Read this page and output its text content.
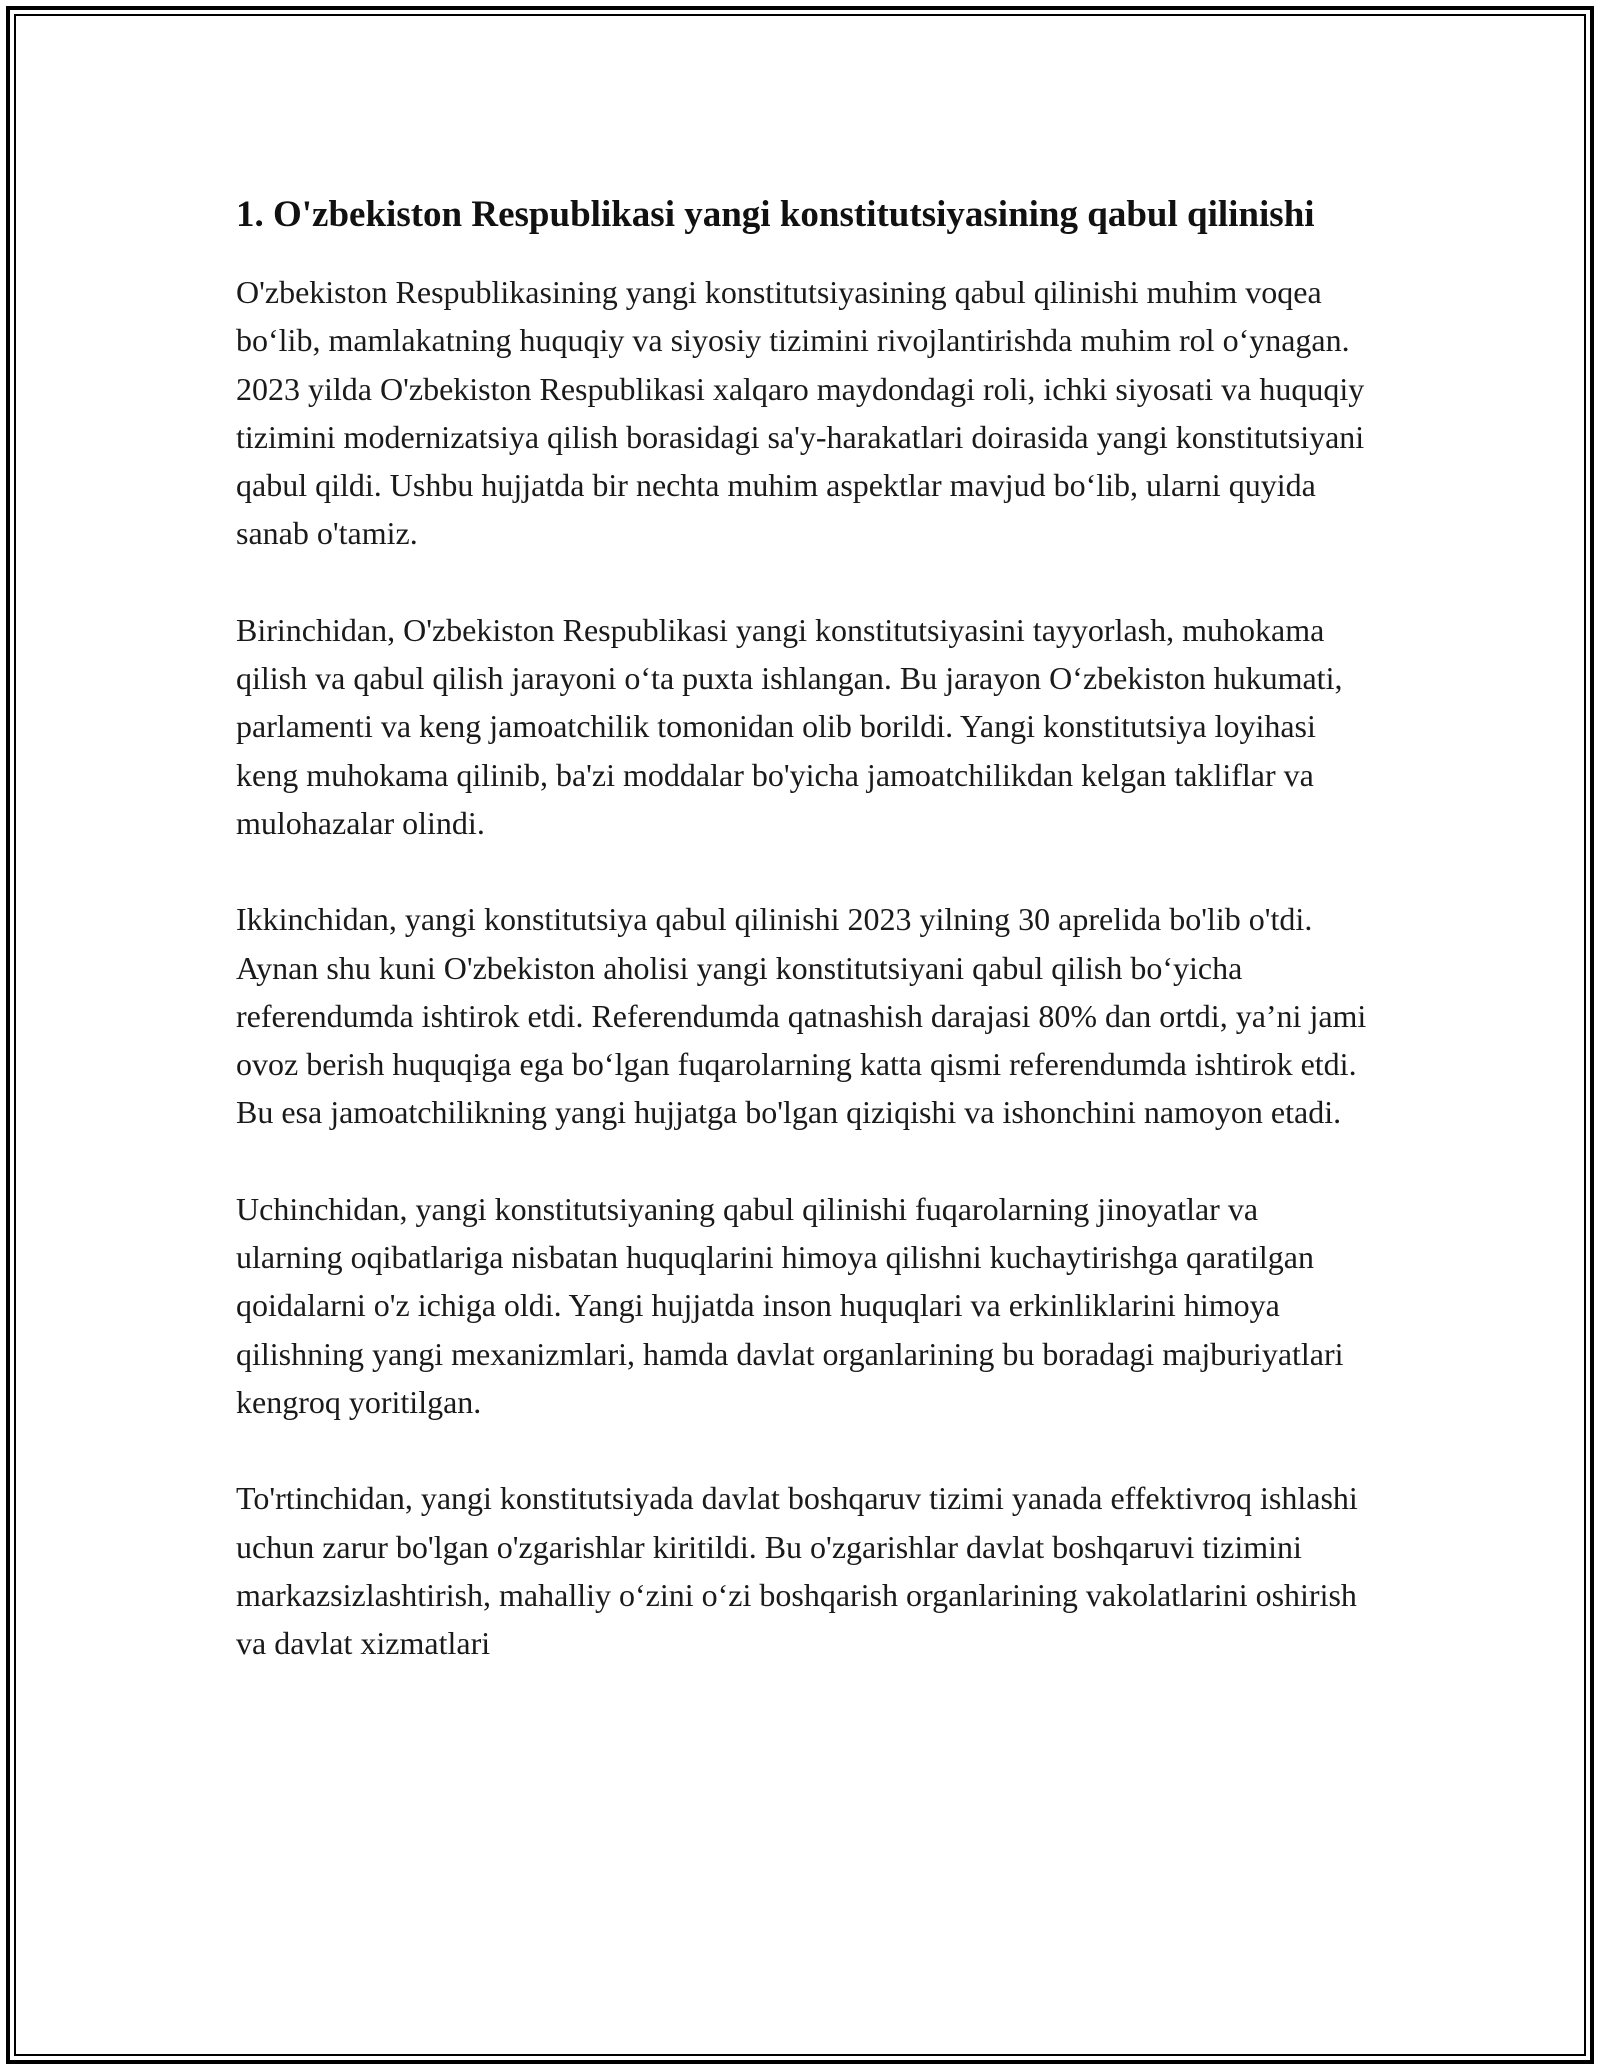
1. O'zbekiston Respublikasi yangi konstitutsiyasining qabul qilinishi

O'zbekiston Respublikasining yangi konstitutsiyasining qabul qilinishi muhim voqea boʻlib, mamlakatning huquqiy va siyosiy tizimini rivojlantirishda muhim rol oʻynagan. 2023 yilda O'zbekiston Respublikasi xalqaro maydondagi roli, ichki siyosati va huquqiy tizimini modernizatsiya qilish borasidagi sa'y-harakatlari doirasida yangi konstitutsiyani qabul qildi. Ushbu hujjatda bir nechta muhim aspektlar mavjud boʻlib, ularni quyida sanab o'tamiz.

Birinchidan, O'zbekiston Respublikasi yangi konstitutsiyasini tayyorlash, muhokama qilish va qabul qilish jarayoni oʻta puxta ishlangan. Bu jarayon Oʻzbekiston hukumati, parlamenti va keng jamoatchilik tomonidan olib borildi. Yangi konstitutsiya loyihasi keng muhokama qilinib, ba'zi moddalar bo'yicha jamoatchilikdan kelgan takliflar va mulohazalar olindi.

Ikkinchidan, yangi konstitutsiya qabul qilinishi 2023 yilning 30 aprelida bo'lib o'tdi. Aynan shu kuni O'zbekiston aholisi yangi konstitutsiyani qabul qilish boʻyicha referendumda ishtirok etdi. Referendumda qatnashish darajasi 80% dan ortdi, ya’ni jami ovoz berish huquqiga ega boʻlgan fuqarolarning katta qismi referendumda ishtirok etdi. Bu esa jamoatchilikning yangi hujjatga bo'lgan qiziqishi va ishonchini namoyon etadi.

Uchinchidan, yangi konstitutsiyaning qabul qilinishi fuqarolarning jinoyatlar va ularning oqibatlariga nisbatan huquqlarini himoya qilishni kuchaytirishga qaratilgan qoidalarni o'z ichiga oldi. Yangi hujjatda inson huquqlari va erkinliklarini himoya qilishning yangi mexanizmlari, hamda davlat organlarining bu boradagi majburiyatlari kengroq yoritilgan.

To'rtinchidan, yangi konstitutsiyada davlat boshqaruv tizimi yanada effektivroq ishlashi uchun zarur bo'lgan o'zgarishlar kiritildi. Bu o'zgarishlar davlat boshqaruvi tizimini markazsizlashtirish, mahalliy oʻzini oʻzi boshqarish organlarining vakolatlarini oshirish va davlat xizmatlari
